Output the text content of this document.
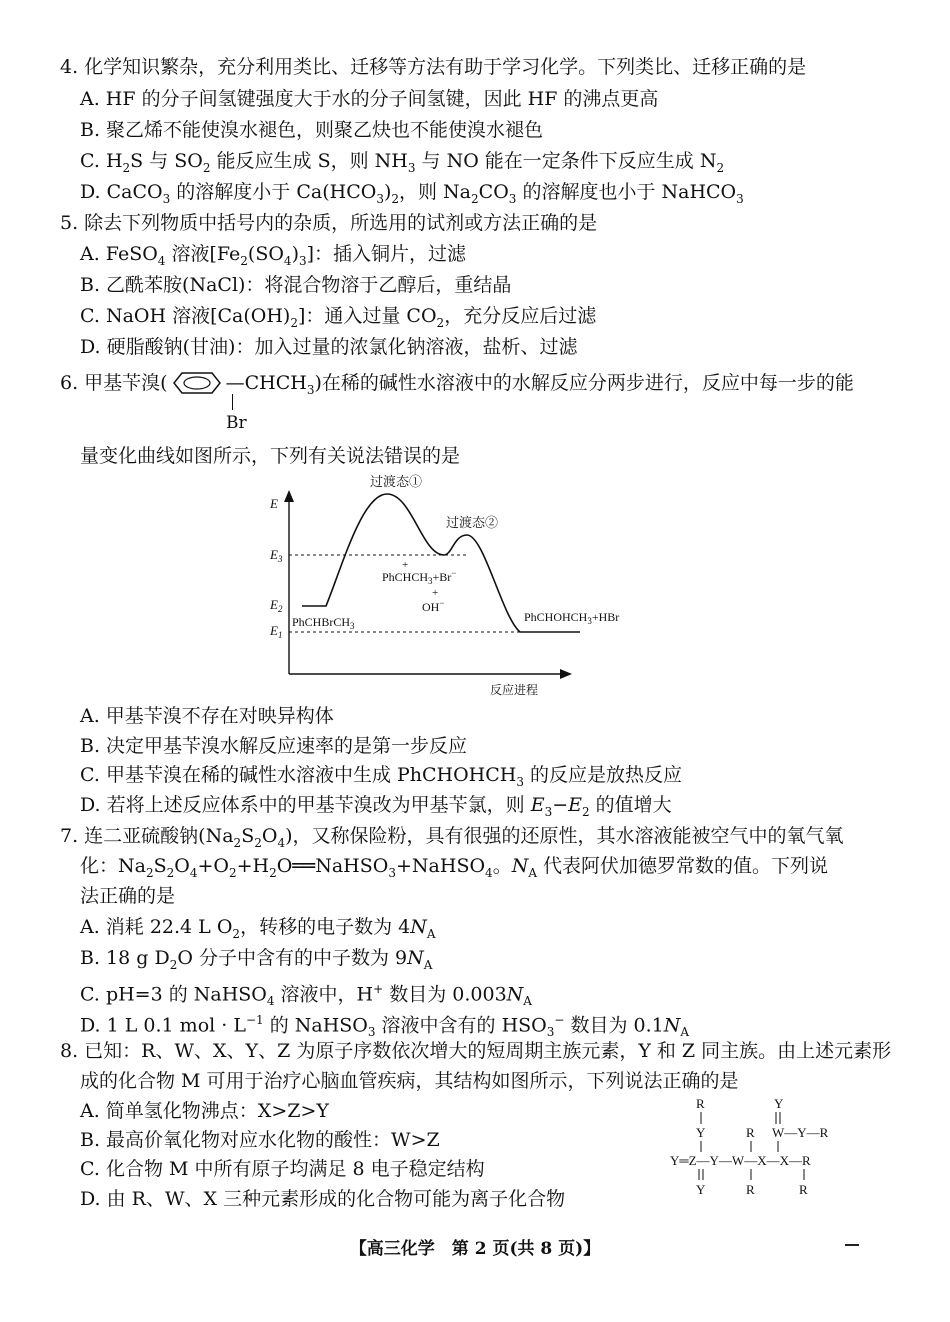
4. 化学知识繁杂，充分利用类比、迁移等方法有助于学习化学。下列类比、迁移正确的是
A. HF 的分子间氢键强度大于水的分子间氢键，因此 HF 的沸点更高
B. 聚乙烯不能使溴水褪色，则聚乙炔也不能使溴水褪色
C. $H_2S$ 与 $SO_2$ 能反应生成 S，则 $NH_3$ 与 NO 能在一定条件下反应生成 $N_2$
D. CaCO$_3$ 的溶解度小于 $Ca(HCO_3)_2$，则 $Na_2CO_3$ 的溶解度也小于 NaHCO$_3$
5. 除去下列物质中括号内的杂质，所选用的试剂或方法正确的是
A. FeSO$_4$ 溶液$[Fe_2(SO_4)_3]$：插入铜片，过滤
B. 乙酰苯胺(NaCl)：将混合物溶于乙醇后，重结晶
C. NaOH 溶液$[Ca(OH)_2]$：通入过量 $CO_2$，充分反应后过滤
D. 硬脂酸钠(甘油)：加入过量的浓氯化钠溶液，盐析、过滤
6. 甲基苄溴(	$—CHCH_3$)在稀的碱性水溶液中的水解反应分两步进行，反应中每一步的能
Br
量变化曲线如图所示，下列有关说法错误的是
E
反应进程
$E_3$
$E_2$
$E_1$
过渡态①
过渡态②
PhCHBrCH$_3$
+
PhCHCH$_3$+Br−
+
OH−
PhCHOHCH$_3$+HBr
A. 甲基苄溴不存在对映异构体
B. 决定甲基苄溴水解反应速率的是第一步反应
C. 甲基苄溴在稀的碱性水溶液中生成 PhCHOHCH$_3$ 的反应是放热反应
D. 若将上述反应体系中的甲基苄溴改为甲基苄氯，则 $E_3-E_2$ 的值增大
7. 连二亚硫酸钠$(Na_2S_2O_4)$，又称保险粉，具有很强的还原性，其水溶液能被空气中的氧气氧
化：$Na_2S_2O_4+O_2+H_2O══NaHSO_3+NaHSO_4$。$N_A$ 代表阿伏加德罗常数的值。下列说
法正确的是
A. 消耗 22.4 L $O_2$，转移的电子数为 $4N_A$
B. 18 g $D_2O$ 分子中含有的中子数为 $9N_A$
C. pH=3 的 NaHSO$_4$ 溶液中，H+ 数目为 $0.003N_A$
D. 1 L 0.1 mol · $L^{-1}$ 的 NaHSO$_3$ 溶液中含有的 $HSO_3^-$ 数目为 $0.1N_A$
8. 已知：R、W、X、Y、Z 为原子序数依次增大的短周期主族元素，Y 和 Z 同主族。由上述元素形
成的化合物 M 可用于治疗心脑血管疾病，其结构如图所示，下列说法正确的是
A. 简单氢化物沸点：X>Z>Y
B. 最高价氧化物对应水化物的酸性：W>Z
C. 化合物 M 中所有原子均满足 8 电子稳定结构
D. 由 R、W、X 三种元素形成的化合物可能为离子化合物
R
Y
Y
W—Y—R
R
Y═Z—Y—W—X—X—R
Y	R	R
【高三化学　第 2 页(共 8 页)】
